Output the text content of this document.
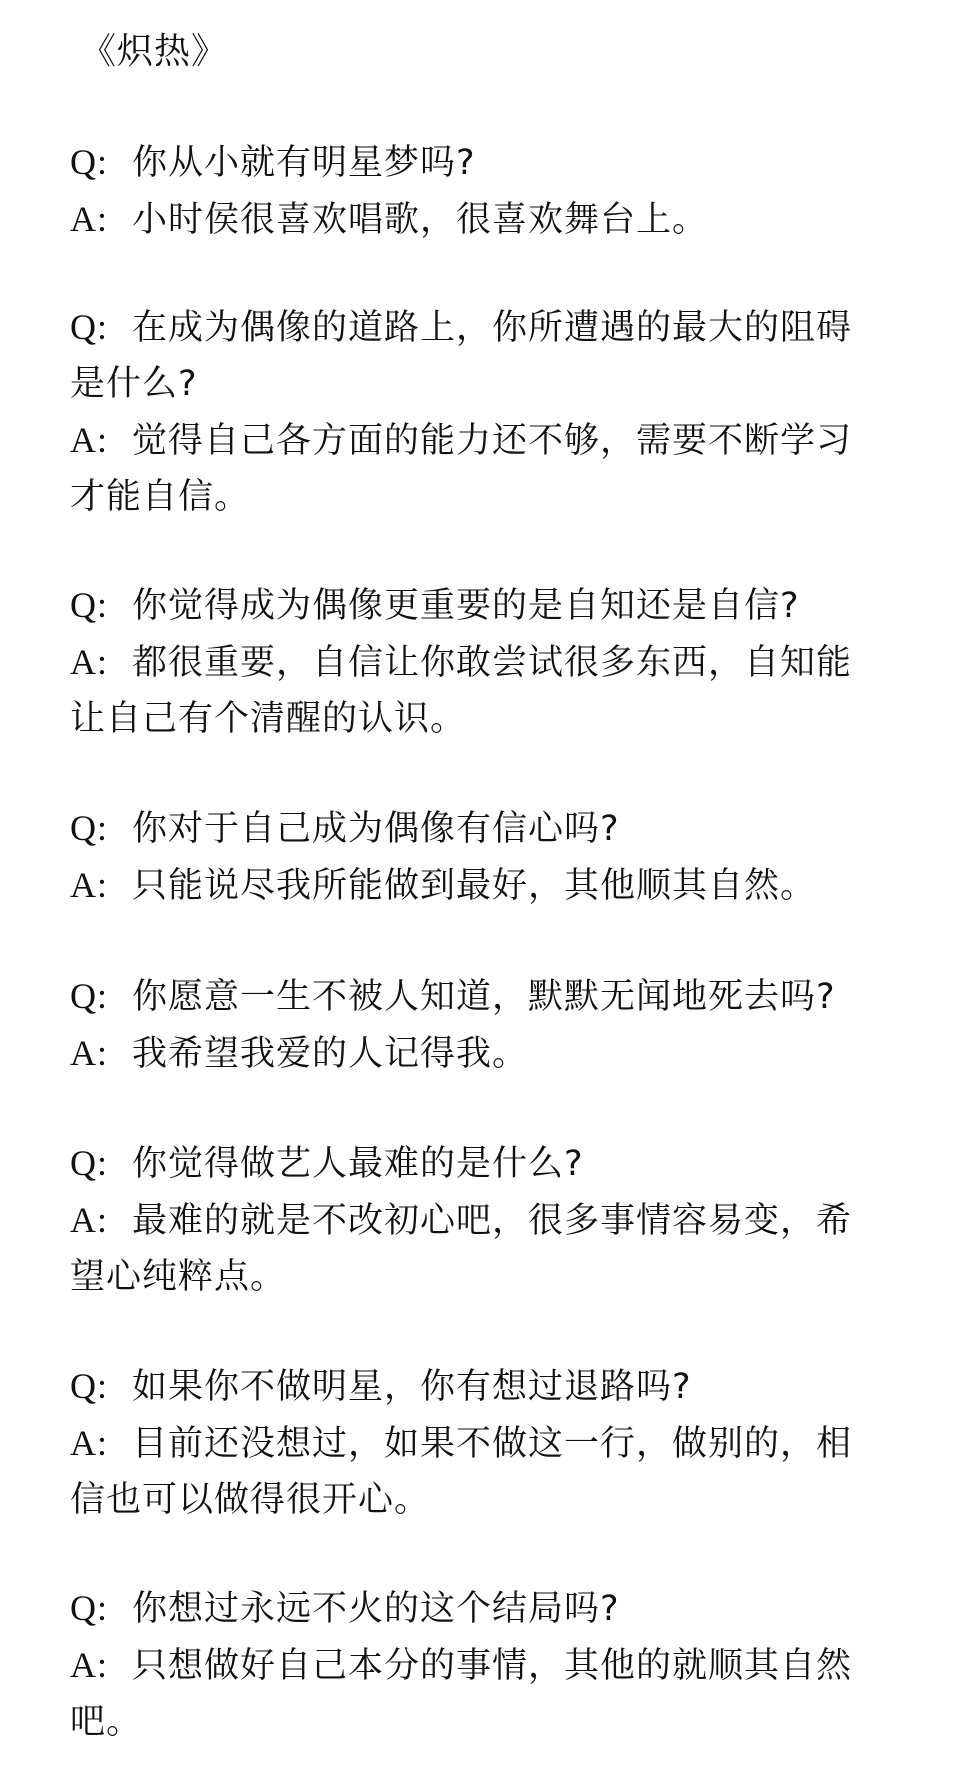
《炽热》
Q: 你从小就有明星梦吗?
A: 小时侯很喜欢唱歌，很喜欢舞台上。
Q: 在成为偶像的道路上，你所遭遇的最大的阻碍
是什么?
A: 觉得自己各方面的能力还不够，需要不断学习
才能自信。
Q: 你觉得成为偶像更重要的是自知还是自信?
A: 都很重要，自信让你敢尝试很多东西，自知能
让自己有个清醒的认识。
Q: 你对于自己成为偶像有信心吗?
A: 只能说尽我所能做到最好，其他顺其自然。
Q: 你愿意一生不被人知道，默默无闻地死去吗?
A: 我希望我爱的人记得我。
Q: 你觉得做艺人最难的是什么?
A: 最难的就是不改初心吧，很多事情容易变，希
望心纯粹点。
Q: 如果你不做明星，你有想过退路吗?
A: 目前还没想过，如果不做这一行，做别的，相
信也可以做得很开心。
Q: 你想过永远不火的这个结局吗?
A: 只想做好自己本分的事情，其他的就顺其自然
吧。
